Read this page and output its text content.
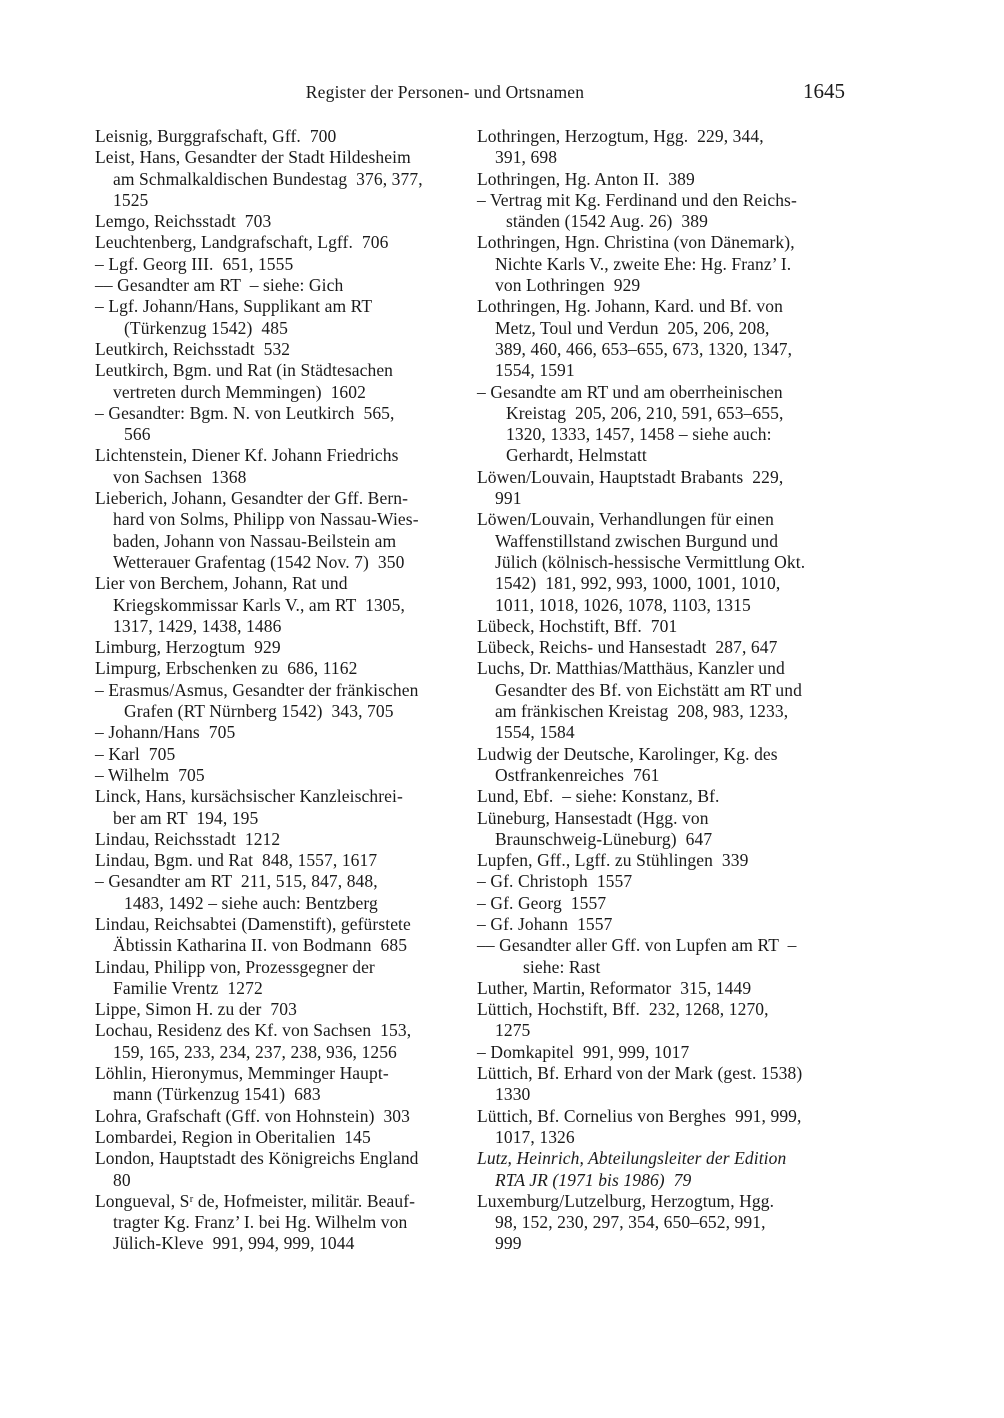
Register der Personen- und Ortsnamen	1645
Leisnig, Burggrafschaft, Gff.  700
Leist, Hans, Gesandter der Stadt Hildesheim
am Schmalkaldischen Bundestag  376, 377,
1525
Lemgo, Reichsstadt  703
Leuchtenberg, Landgrafschaft, Lgff.  706
– Lgf. Georg III.  651, 1555
–– Gesandter am RT  – siehe: Gich
– Lgf. Johann/Hans, Supplikant am RT
(Türkenzug 1542)  485
Leutkirch, Reichsstadt  532
Leutkirch, Bgm. und Rat (in Städtesachen
vertreten durch Memmingen)  1602
– Gesandter: Bgm. N. von Leutkirch  565,
566
Lichtenstein, Diener Kf. Johann Friedrichs
von Sachsen  1368
Lieberich, Johann, Gesandter der Gff. Bern-
hard von Solms, Philipp von Nassau-Wies-
baden, Johann von Nassau-Beilstein am
Wetterauer Grafentag (1542 Nov. 7)  350
Lier von Berchem, Johann, Rat und
Kriegskommissar Karls V., am RT  1305,
1317, 1429, 1438, 1486
Limburg, Herzogtum  929
Limpurg, Erbschenken zu  686, 1162
– Erasmus/Asmus, Gesandter der fränkischen
Grafen (RT Nürnberg 1542)  343, 705
– Johann/Hans  705
– Karl  705
– Wilhelm  705
Linck, Hans, kursächsischer Kanzleischrei-
ber am RT  194, 195
Lindau, Reichsstadt  1212
Lindau, Bgm. und Rat  848, 1557, 1617
– Gesandter am RT  211, 515, 847, 848,
1483, 1492 – siehe auch: Bentzberg
Lindau, Reichsabtei (Damenstift), gefürstete
Äbtissin Katharina II. von Bodmann  685
Lindau, Philipp von, Prozessgegner der
Familie Vrentz  1272
Lippe, Simon H. zu der  703
Lochau, Residenz des Kf. von Sachsen  153,
159, 165, 233, 234, 237, 238, 936, 1256
Löhlin, Hieronymus, Memminger Haupt-
mann (Türkenzug 1541)  683
Lohra, Grafschaft (Gff. von Hohnstein)  303
Lombardei, Region in Oberitalien  145
London, Hauptstadt des Königreichs England
80
Longueval, Sʳ de, Hofmeister, militär. Beauf-
tragter Kg. Franz’ I. bei Hg. Wilhelm von
Jülich-Kleve  991, 994, 999, 1044
Lothringen, Herzogtum, Hgg.  229, 344,
391, 698
Lothringen, Hg. Anton II.  389
– Vertrag mit Kg. Ferdinand und den Reichs-
ständen (1542 Aug. 26)  389
Lothringen, Hgn. Christina (von Dänemark),
Nichte Karls V., zweite Ehe: Hg. Franz’ I.
von Lothringen  929
Lothringen, Hg. Johann, Kard. und Bf. von
Metz, Toul und Verdun  205, 206, 208,
389, 460, 466, 653–655, 673, 1320, 1347,
1554, 1591
– Gesandte am RT und am oberrheinischen
Kreistag  205, 206, 210, 591, 653–655,
1320, 1333, 1457, 1458 – siehe auch:
Gerhardt, Helmstatt
Löwen/Louvain, Hauptstadt Brabants  229,
991
Löwen/Louvain, Verhandlungen für einen
Waffenstillstand zwischen Burgund und
Jülich (kölnisch-hessische Vermittlung Okt.
1542)  181, 992, 993, 1000, 1001, 1010,
1011, 1018, 1026, 1078, 1103, 1315
Lübeck, Hochstift, Bff.  701
Lübeck, Reichs- und Hansestadt  287, 647
Luchs, Dr. Matthias/Matthäus, Kanzler und
Gesandter des Bf. von Eichstätt am RT und
am fränkischen Kreistag  208, 983, 1233,
1554, 1584
Ludwig der Deutsche, Karolinger, Kg. des
Ostfrankenreiches  761
Lund, Ebf.  – siehe: Konstanz, Bf.
Lüneburg, Hansestadt (Hgg. von
Braunschweig-Lüneburg)  647
Lupfen, Gff., Lgff. zu Stühlingen  339
– Gf. Christoph  1557
– Gf. Georg  1557
– Gf. Johann  1557
–– Gesandter aller Gff. von Lupfen am RT  –
siehe: Rast
Luther, Martin, Reformator  315, 1449
Lüttich, Hochstift, Bff.  232, 1268, 1270,
1275
– Domkapitel  991, 999, 1017
Lüttich, Bf. Erhard von der Mark (gest. 1538)
1330
Lüttich, Bf. Cornelius von Berghes  991, 999,
1017, 1326
Lutz, Heinrich, Abteilungsleiter der Edition
RTA JR (1971 bis 1986)  79
Luxemburg/Lutzelburg, Herzogtum, Hgg.
98, 152, 230, 297, 354, 650–652, 991,
999
